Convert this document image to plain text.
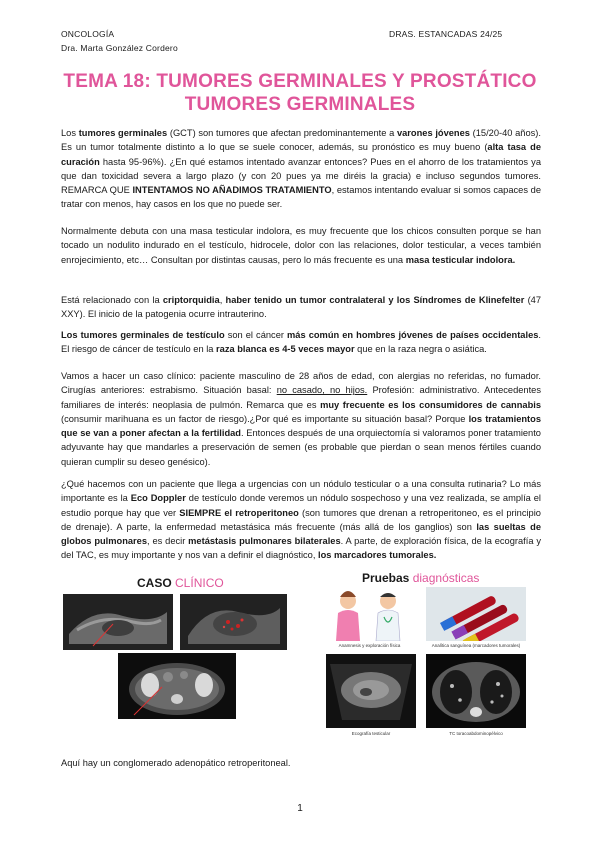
ONCOLOGÍA
Dra. Marta González Cordero
DRAS. ESTANCADAS 24/25
TEMA 18: TUMORES GERMINALES Y PROSTÁTICO
TUMORES GERMINALES

Los tumores germinales (GCT) son tumores que afectan predominantemente a varones jóvenes (15/20-40 años). Es un tumor totalmente distinto a lo que se suele conocer, además, su pronóstico es muy bueno (alta tasa de curación hasta 95-96%). ¿En qué estamos intentado avanzar entonces? Pues en el ahorro de los tratamientos ya que dan toxicidad severa a largo plazo (y con 20 pues ya me diréis la gracia) e incluso segundos tumores. REMARCA QUE INTENTAMOS NO AÑADIMOS TRATAMIENTO, estamos intentando evaluar si somos capaces de tratar con menos, hay casos en los que no puede ser.

Normalmente debuta con una masa testicular indolora, es muy frecuente que los chicos consulten porque se han tocado un nodulito indurado en el testículo, hidrocele, dolor con las relaciones, dolor testicular, a veces también enrojecimiento, etc… Consultan por distintas causas, pero lo más frecuente es una masa testicular indolora.

Está relacionado con la criptorquidia, haber tenido un tumor contralateral y los Síndromes de Klinefelter (47 XXY). El inicio de la patogenia ocurre intrauterino.

Los tumores germinales de testículo son el cáncer más común en hombres jóvenes de países occidentales. El riesgo de cáncer de testículo en la raza blanca es 4-5 veces mayor que en la raza negra o asiática.

Vamos a hacer un caso clínico: paciente masculino de 28 años de edad, con alergias no referidas, no fumador. Cirugías anteriores: estrabismo. Situación basal: no casado, no hijos. Profesión: administrativo. Antecedentes familiares de interés: neoplasia de pulmón. Remarca que es muy frecuente es los consumidores de cannabis (consumir marihuana es un factor de riesgo).¿Por qué es importante su situación basal? Porque los tratamientos que se van a poner afectan a la fertilidad. Entonces después de una orquiectomía si valoramos poner tratamiento adyuvante hay que mandarles a preservación de semen (es probable que pierdan o sean menos fértiles cuando quieran cumplir su deseo genésico).

¿Qué hacemos con un paciente que llega a urgencias con un nódulo testicular o a una consulta rutinaria? Lo más importante es la Eco Doppler de testículo donde veremos un nódulo sospechoso y una vez realizada, se amplía el estudio porque hay que ver SIEMPRE el retroperitoneo (son tumores que drenan a retroperitoneo, es el principio de drenaje). A parte, la enfermedad metastásica más frecuente (más allá de los ganglios) son las sueltas de globos pulmonares, es decir metástasis pulmonares bilaterales. A parte, de exploración física, de la ecografía y del TAC, es muy importante y nos van a definir el diagnóstico, los marcadores tumorales.

CASO CLÍNICO	Pruebas diagnósticas
Anamnesis y exploración física	Analítica sanguínea (marcadores tumorales)
Ecografía testicular	TC toracoabdominopélvico
Aquí hay un conglomerado adenopático retroperitoneal.
1
